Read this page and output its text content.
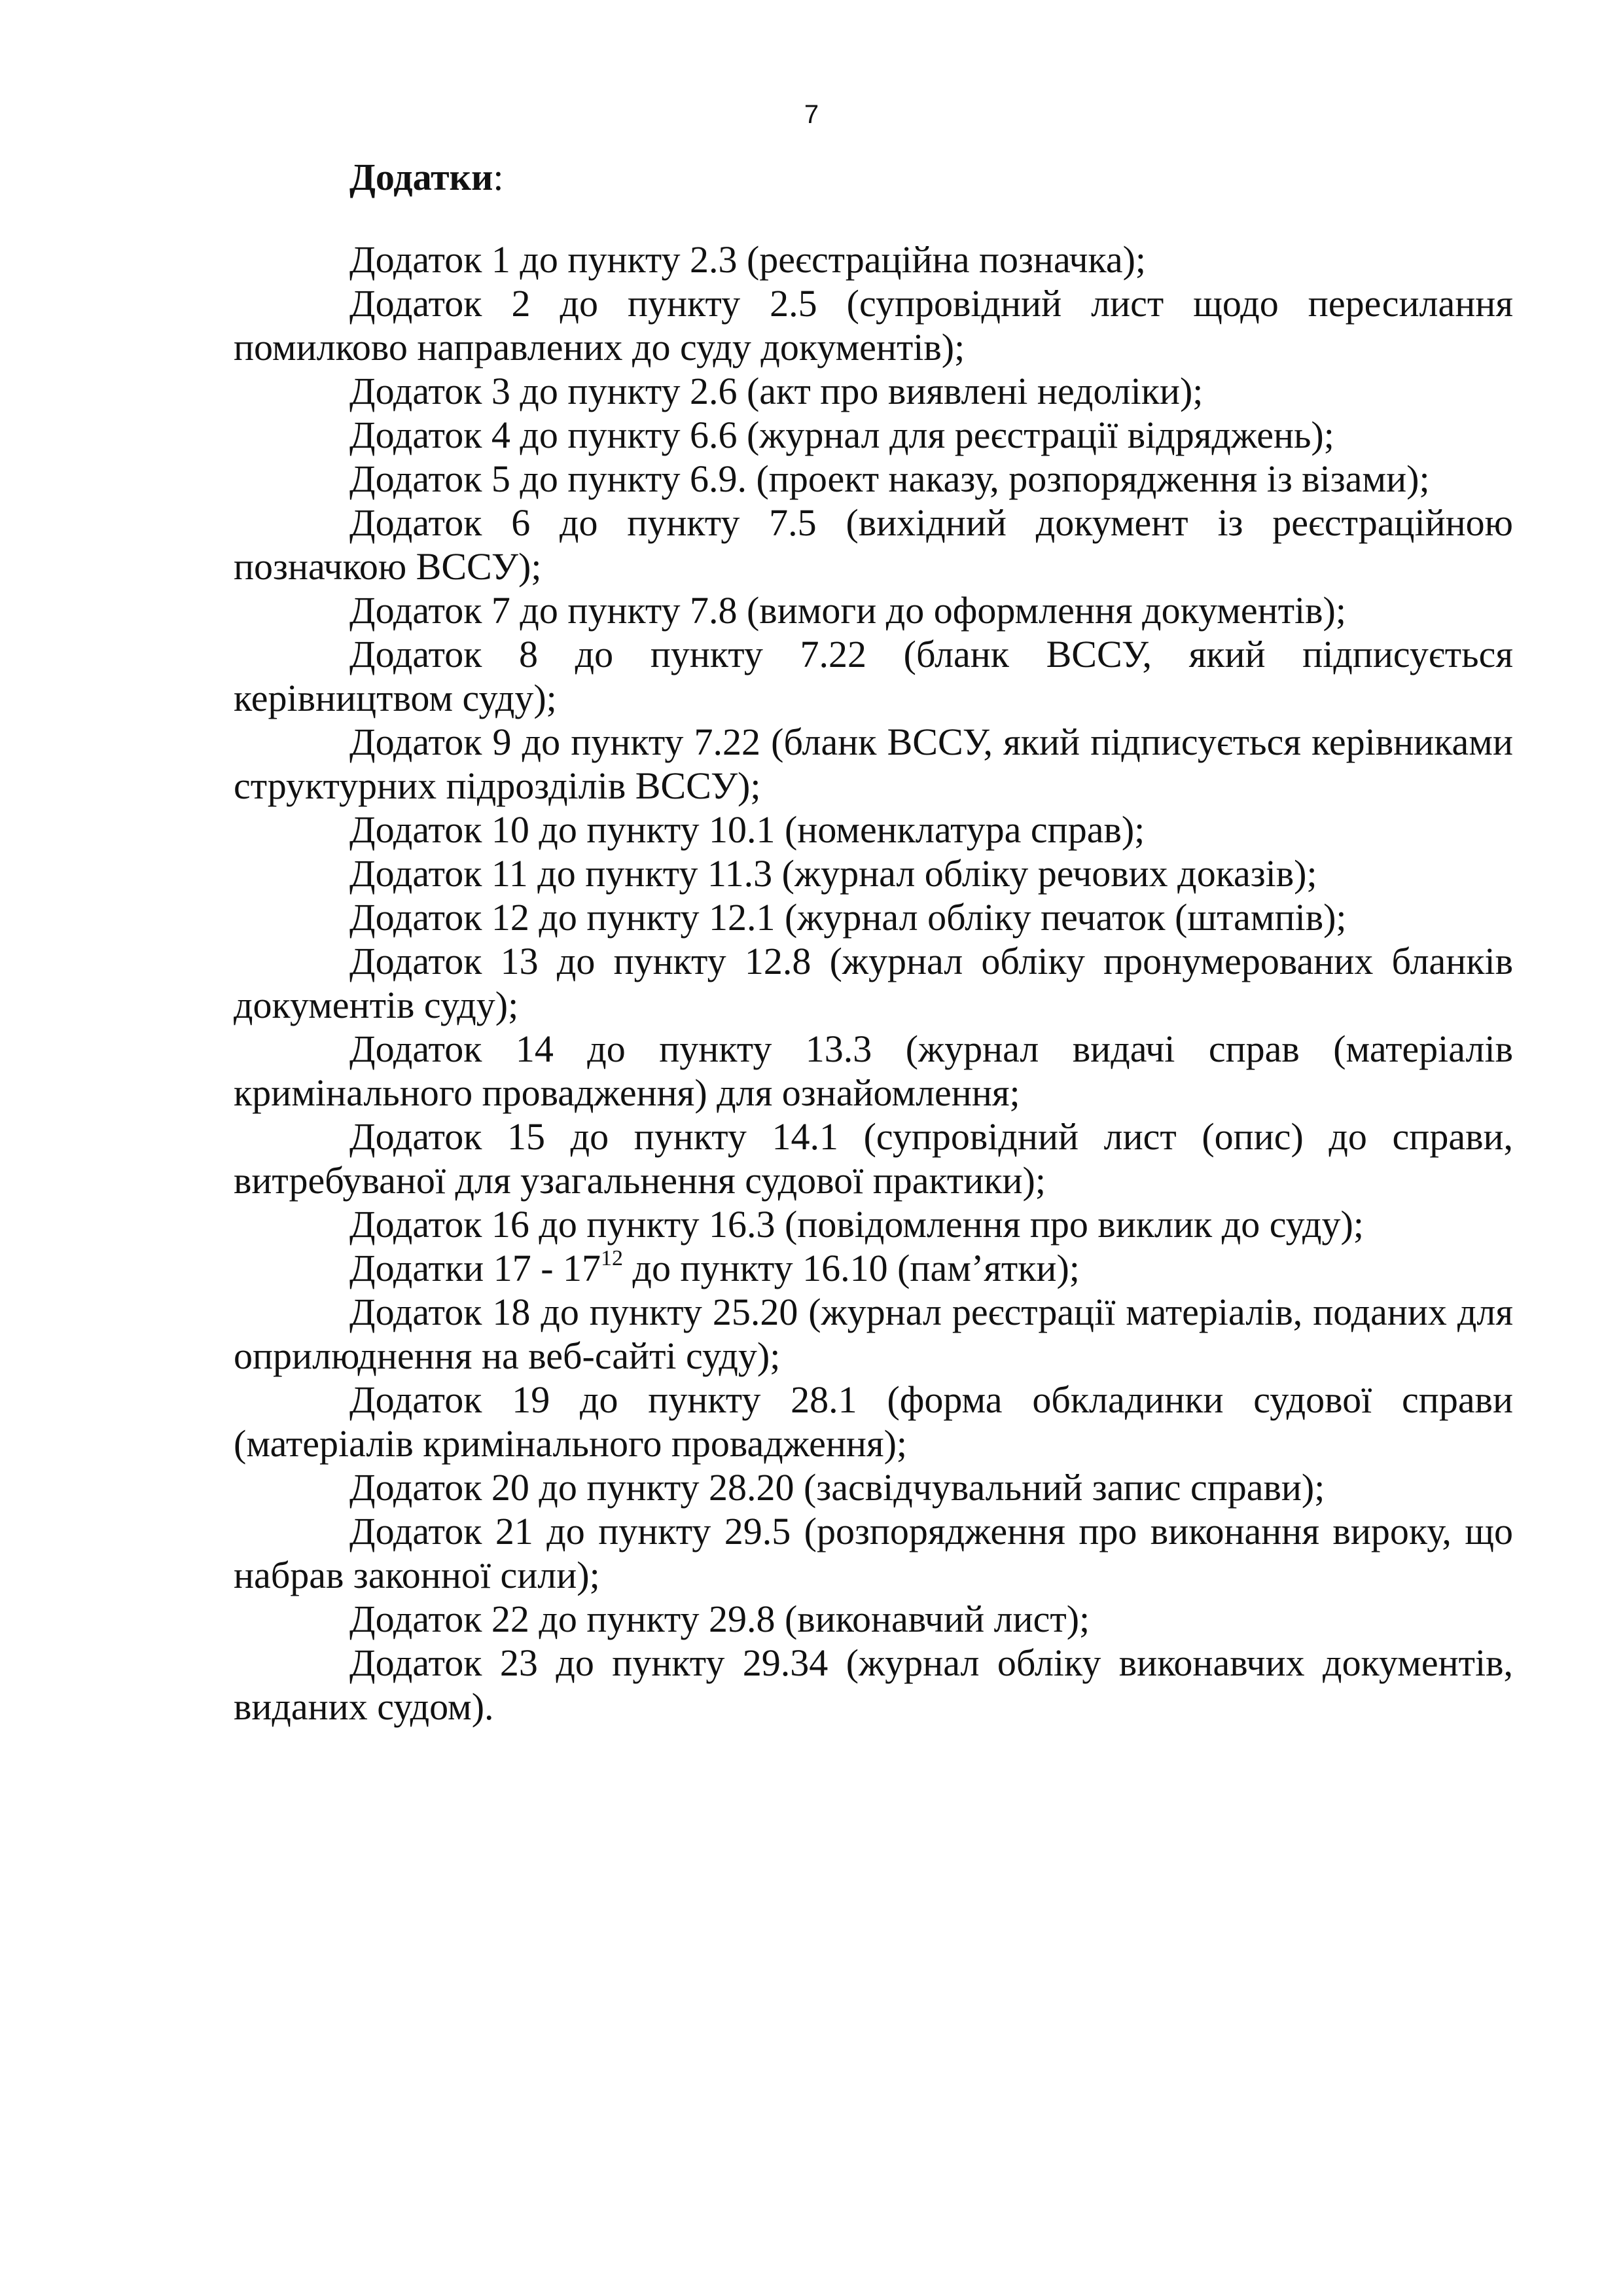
7
Додатки:

Додаток 1 до пункту 2.3 (реєстраційна позначка);

Додаток 2 до пункту 2.5 (супровідний лист щодо пересилання помилково направлених до суду документів);

Додаток 3 до пункту 2.6 (акт про виявлені недоліки);

Додаток 4 до пункту 6.6 (журнал для реєстрації відряджень);

Додаток 5 до пункту 6.9. (проект наказу, розпорядження із візами);

Додаток 6 до пункту 7.5 (вихідний документ із реєстраційною позначкою ВССУ);

Додаток 7 до пункту 7.8 (вимоги до оформлення документів);

Додаток 8 до пункту 7.22 (бланк ВССУ, який підписується керівництвом суду);

Додаток 9 до пункту 7.22 (бланк ВССУ, який підписується керівниками структурних підрозділів ВССУ);

Додаток 10 до пункту 10.1 (номенклатура справ);

Додаток 11 до пункту 11.3 (журнал обліку речових доказів);

Додаток 12 до пункту 12.1 (журнал обліку печаток (штампів);

Додаток 13 до пункту 12.8 (журнал обліку пронумерованих бланків документів суду);

Додаток 14 до пункту 13.3 (журнал видачі справ (матеріалів кримінального провадження) для ознайомлення;

Додаток 15 до пункту 14.1 (супровідний лист (опис) до справи, витребуваної для узагальнення судової практики);

Додаток 16 до пункту 16.3 (повідомлення про виклик до суду);

Додатки $17 - 17^{12}$ до пункту 16.10 (пам’ятки);

Додаток 18 до пункту 25.20 (журнал реєстрації матеріалів, поданих для оприлюднення на веб-сайті суду);

Додаток 19 до пункту 28.1 (форма обкладинки судової справи (матеріалів кримінального провадження);

Додаток 20 до пункту 28.20 (засвідчувальний запис справи);

Додаток 21 до пункту 29.5 (розпорядження про виконання вироку, що набрав законної сили);

Додаток 22 до пункту 29.8 (виконавчий лист);

Додаток 23 до пункту 29.34 (журнал обліку виконавчих документів, виданих судом).
